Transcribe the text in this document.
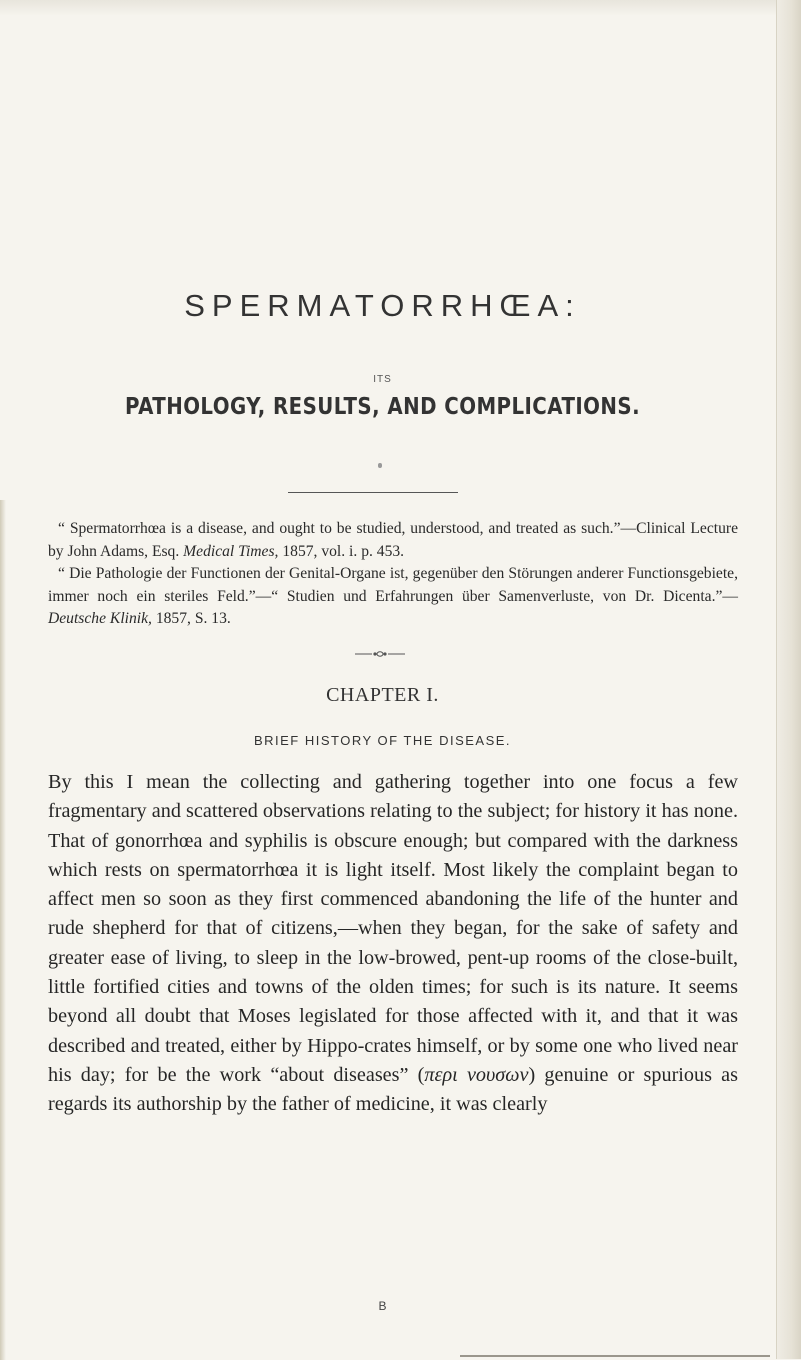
SPERMATORRHŒA:
ITS
PATHOLOGY, RESULTS, AND COMPLICATIONS.

“ Spermatorrhœa is a disease, and ought to be studied, understood, and treated as such.”—Clinical Lecture by John Adams, Esq. Medical Times, 1857, vol. i. p. 453.

“ Die Pathologie der Functionen der Genital-Organe ist, gegenüber den Störungen anderer Functionsgebiete, immer noch ein steriles Feld.”—“ Studien und Erfahrungen über Samenverluste, von Dr. Dicenta.”—Deutsche Klinik, 1857, S. 13.

CHAPTER I.
BRIEF HISTORY OF THE DISEASE.

By this I mean the collecting and gathering together into one focus a few fragmentary and scattered observations relating to the subject; for history it has none. That of gonorrhœa and syphilis is obscure enough; but compared with the darkness which rests on spermatorrhœa it is light itself. Most likely the complaint began to affect men so soon as they first commenced abandoning the life of the hunter and rude shepherd for that of citizens,—when they began, for the sake of safety and greater ease of living, to sleep in the low-browed, pent-up rooms of the close-built, little fortified cities and towns of the olden times; for such is its nature. It seems beyond all doubt that Moses legislated for those affected with it, and that it was described and treated, either by Hippo-crates himself, or by some one who lived near his day; for be the work “about diseases” (περι νουσων) genuine or spurious as regards its authorship by the father of medicine, it was clearly

B
